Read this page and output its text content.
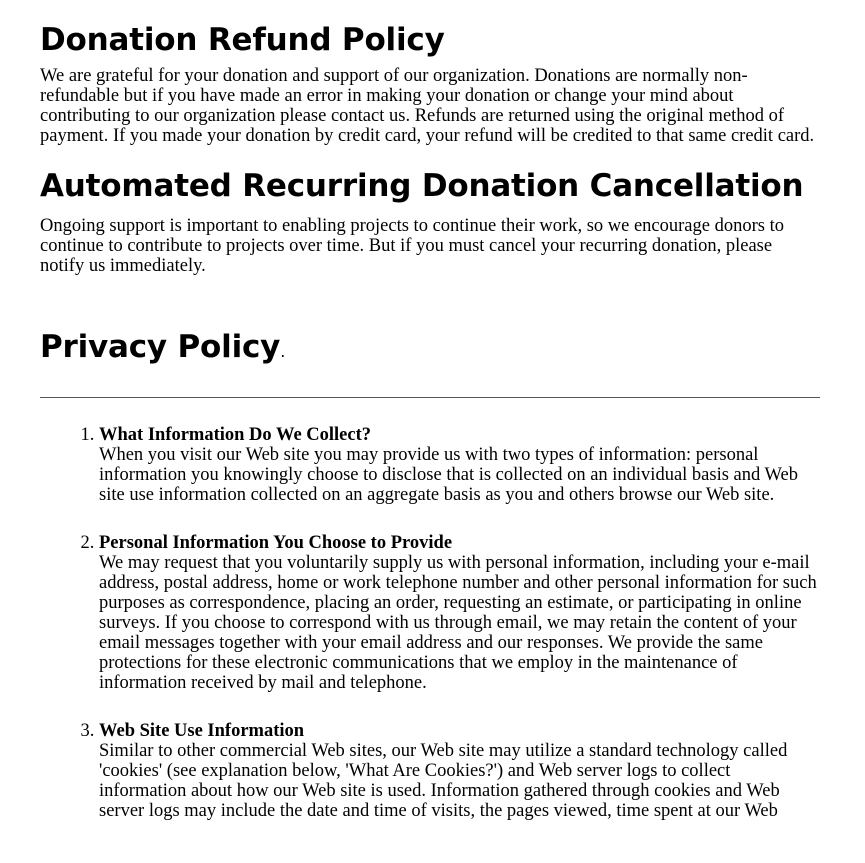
Donation Refund Policy

We are grateful for your donation and support of our organization. Donations are normally non-refundable but if you have made an error in making your donation or change your mind about contributing to our organization please contact us. Refunds are returned using the original method of payment. If you made your donation by credit card, your refund will be credited to that same credit card.

Automated Recurring Donation Cancellation

Ongoing support is important to enabling projects to continue their work, so we encourage donors to continue to contribute to projects over time. But if you must cancel your recurring donation, please notify us immediately.

Privacy Policy.
1. What Information Do We Collect?
When you visit our Web site you may provide us with two types of information: personal information you knowingly choose to disclose that is collected on an individual basis and Web site use information collected on an aggregate basis as you and others browse our Web site.
2. Personal Information You Choose to Provide
We may request that you voluntarily supply us with personal information, including your e-mail address, postal address, home or work telephone number and other personal information for such purposes as correspondence, placing an order, requesting an estimate, or participating in online surveys. If you choose to correspond with us through email, we may retain the content of your email messages together with your email address and our responses. We provide the same protections for these electronic communications that we employ in the maintenance of information received by mail and telephone.
3. Web Site Use Information
Similar to other commercial Web sites, our Web site may utilize a standard technology called 'cookies' (see explanation below, 'What Are Cookies?') and Web server logs to collect information about how our Web site is used. Information gathered through cookies and Web server logs may include the date and time of visits, the pages viewed, time spent at our Web
